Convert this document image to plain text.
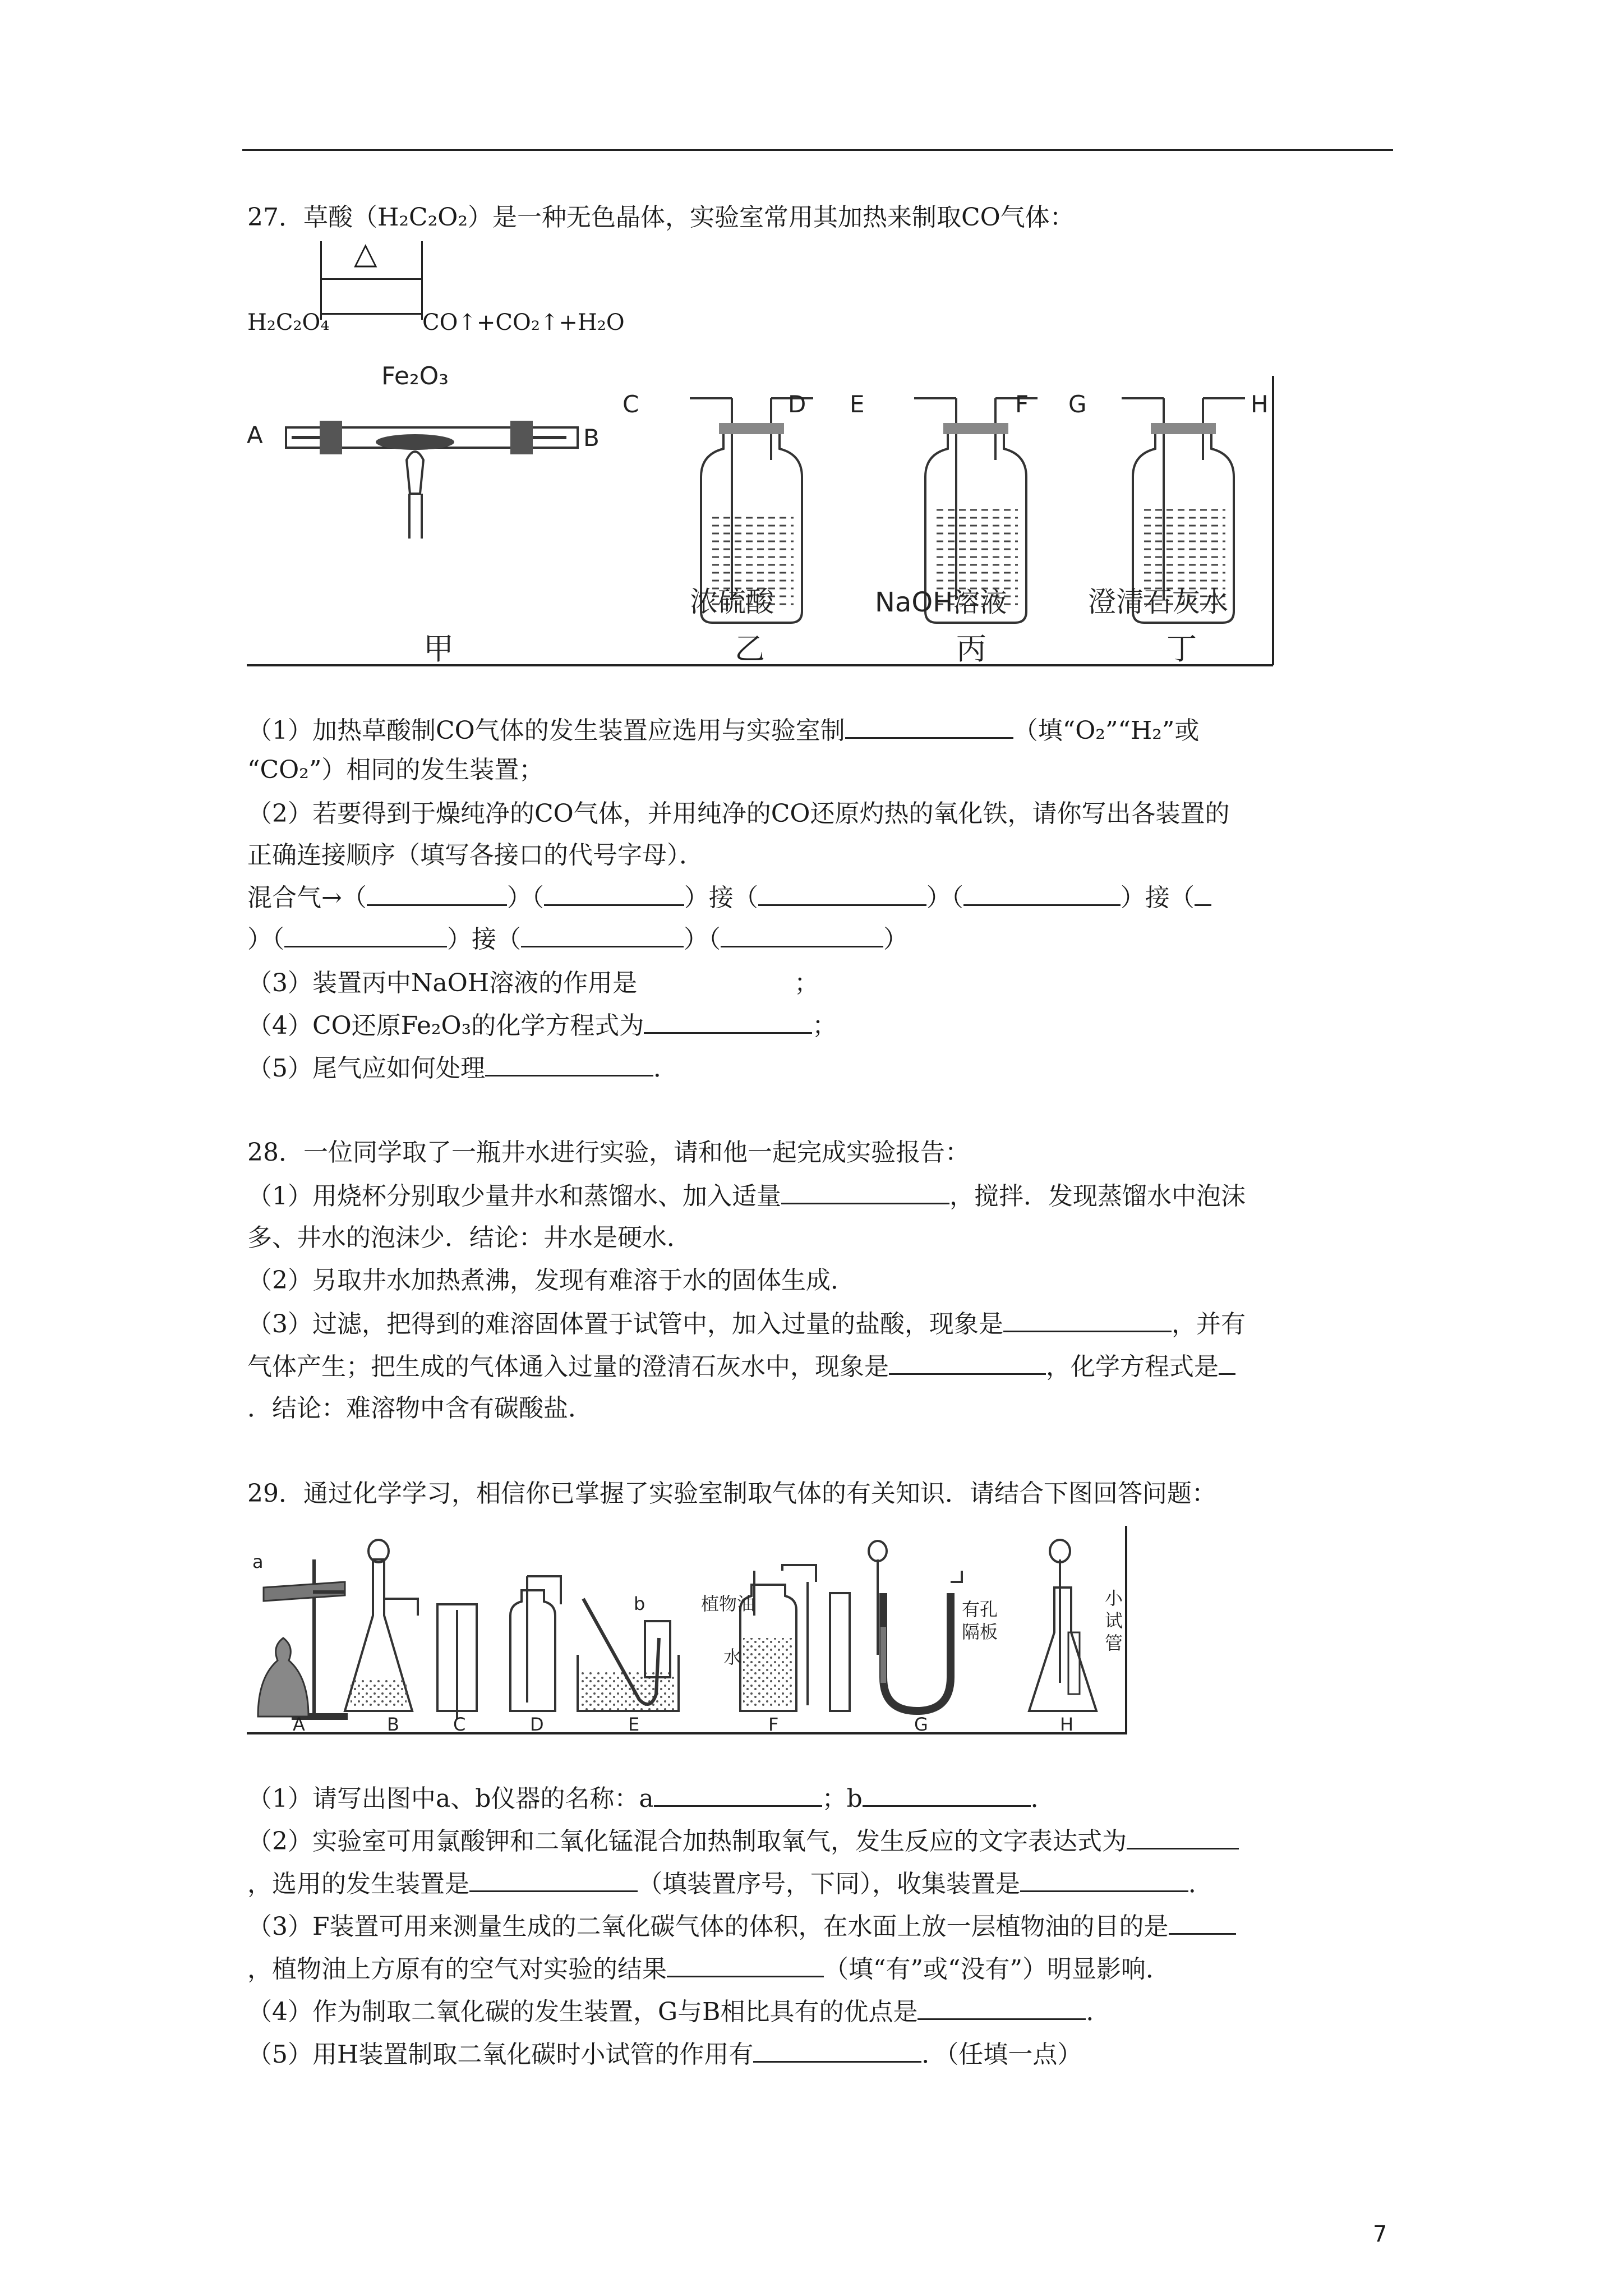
27．草酸（H₂C₂O₂）是一种无色晶体，实验室常用其加热来制取CO气体：
△
H₂C₂O₄	CO↑+CO₂↑+H₂O
Fe₂O₃
A	B
C	D E	F G	H
浓硫酸	NaOH溶液	澄清石灰水
甲	乙	丙	丁
（1）加热草酸制CO气体的发生装置应选用与实验室制	（填“O₂”“H₂”或
“CO₂”）相同的发生装置；
（2）若要得到于燥纯净的CO气体，并用纯净的CO还原灼热的氧化铁，请你写出各装置的
正确连接顺序（填写各接口的代号字母）．
混合气→（	）（	）接（	）（	）接（
）（	）接（	）（	）
（3）装置丙中NaOH溶液的作用是	；
（4）CO还原Fe₂O₃的化学方程式为	；
（5）尾气应如何处理	．
28．一位同学取了一瓶井水进行实验，请和他一起完成实验报告：
（1）用烧杯分别取少量井水和蒸馏水、加入适量	，搅拌．发现蒸馏水中泡沫
多、井水的泡沫少．结论：井水是硬水．
（2）另取井水加热煮沸，发现有难溶于水的固体生成．
（3）过滤，把得到的难溶固体置于试管中，加入过量的盐酸，现象是	，并有
气体产生；把生成的气体通入过量的澄清石灰水中，现象是	，化学方程式是
．结论：难溶物中含有碳酸盐．
29．通过化学学习，相信你已掌握了实验室制取气体的有关知识．请结合下图回答问题：
a
b	植物油
水
有孔
隔板
小
试
管
A	B	C	D	E	F	G	H
（1）请写出图中a、b仪器的名称：a	；b	．
（2）实验室可用氯酸钾和二氧化锰混合加热制取氧气，发生反应的文字表达式为
，选用的发生装置是	（填装置序号，下同），收集装置是	．
（3）F装置可用来测量生成的二氧化碳气体的体积，在水面上放一层植物油的目的是
，植物油上方原有的空气对实验的结果	（填“有”或“没有”）明显影响．
（4）作为制取二氧化碳的发生装置，G与B相比具有的优点是	．
（5）用H装置制取二氧化碳时小试管的作用有	．（任填一点）
7
